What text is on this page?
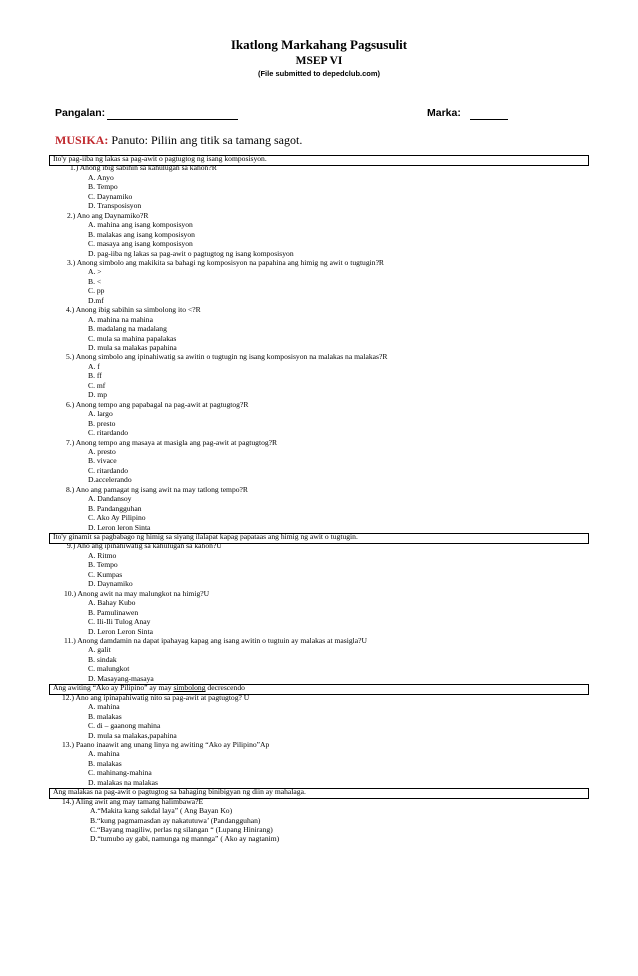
Ikatlong Markahang Pagsusulit
MSEP VI
(File submitted to depedclub.com)
Pangalan:	Marka:
MUSIKA: Panuto: Piliin ang titik sa tamang sagot.
Ito'y pag-iiba ng lakas sa pag-awit o pagtugtog ng isang komposisyon.
1.) Anong ibig sabihin sa kahulugan sa kahon?R
A. Anyo
B. Tempo
C. Daynamiko
D. Transposisyon
2.) Ano ang Daynamiko?R
A. mahina ang isang komposisyon
B. malakas ang isang komposisyon
C. masaya ang isang komposisyon
D. pag-iiba ng lakas sa pag-awit o pagtugtog ng isang komposisyon
3.) Anong simbolo ang makikita sa bahagi ng komposisyon na papahina ang himig ng awit o tugtugin?R
A. >
B. <
C. pp
D.mf
4.) Anong ibig sabihin sa simbolong ito <?R
A. mahina na mahina
B. madalang na madalang
C. mula sa mahina papalakas
D. mula sa malakas papahina
5.) Anong simbolo ang ipinahiwatig sa awitin o tugtugin ng isang komposisyon na malakas na malakas?R
A. f
B. ff
C. mf
D. mp
6.) Anong tempo ang papabagal na pag-awit at pagtugtog?R
A. largo
B. presto
C. ritardando
7.) Anong tempo ang masaya at masigla ang pag-awit at pagtugtog?R
A. presto
B. vivace
C. ritardando
D.accelerando
8.) Ano ang pamagat ng isang awit na may tatlong tempo?R
A. Dandansoy
B. Pandangguhan
C. Ako Ay Pilipino
D. Leron leron Sinta
Ito'y ginamit sa pagbabago ng himig sa siyang ilalapat kapag papataas ang himig ng awit o tugtugin.
9.) Ano ang ipinahiwatig sa kahulugan sa kahon?U
A. Ritmo
B. Tempo
C. Kumpas
D. Daynamiko
10.) Anong awit na may malungkot na himig?U
A. Bahay Kubo
B. Pamulinawen
C. Ili-Ili Tulog Anay
D. Leron Leron Sinta
11.) Anong damdamin na dapat ipahayag kapag ang isang awitin o tugtuin ay malakas at masigla?U
A. galit
B. sindak
C. malungkot
D. Masayang-masaya
Ang awiting “Ako ay Pilipino” ay may simbolong decrescendo
12.) Ano ang ipinapahiwatig nito sa pag-awit at pagtugtog? U
A. mahina
B. malakas
C. di – gaanong mahina
D. mula sa malakas,papahina
13.) Paano inaawit ang unang linya ng awiting “Ako ay Pilipino”Ap
A. mahina
B. malakas
C. mahinang-mahina
D. malakas na malakas
Ang malakas na pag-awit o pagtugtog sa bahaging binibigyan ng diin ay mahalaga.
14.) Aling awit ang may tamang halimbawa?E
A.“Makita kang sakdal laya” ( Ang Bayan Ko)
B.“kung pagmamasdan ay nakatutuwa’ (Pandangguhan)
C.“Bayang magiliw, perlas ng silangan “ (Lupang Hinirang)
D.“tumubo ay gabi, namunga ng mannga” ( Ako ay nagtanim)
